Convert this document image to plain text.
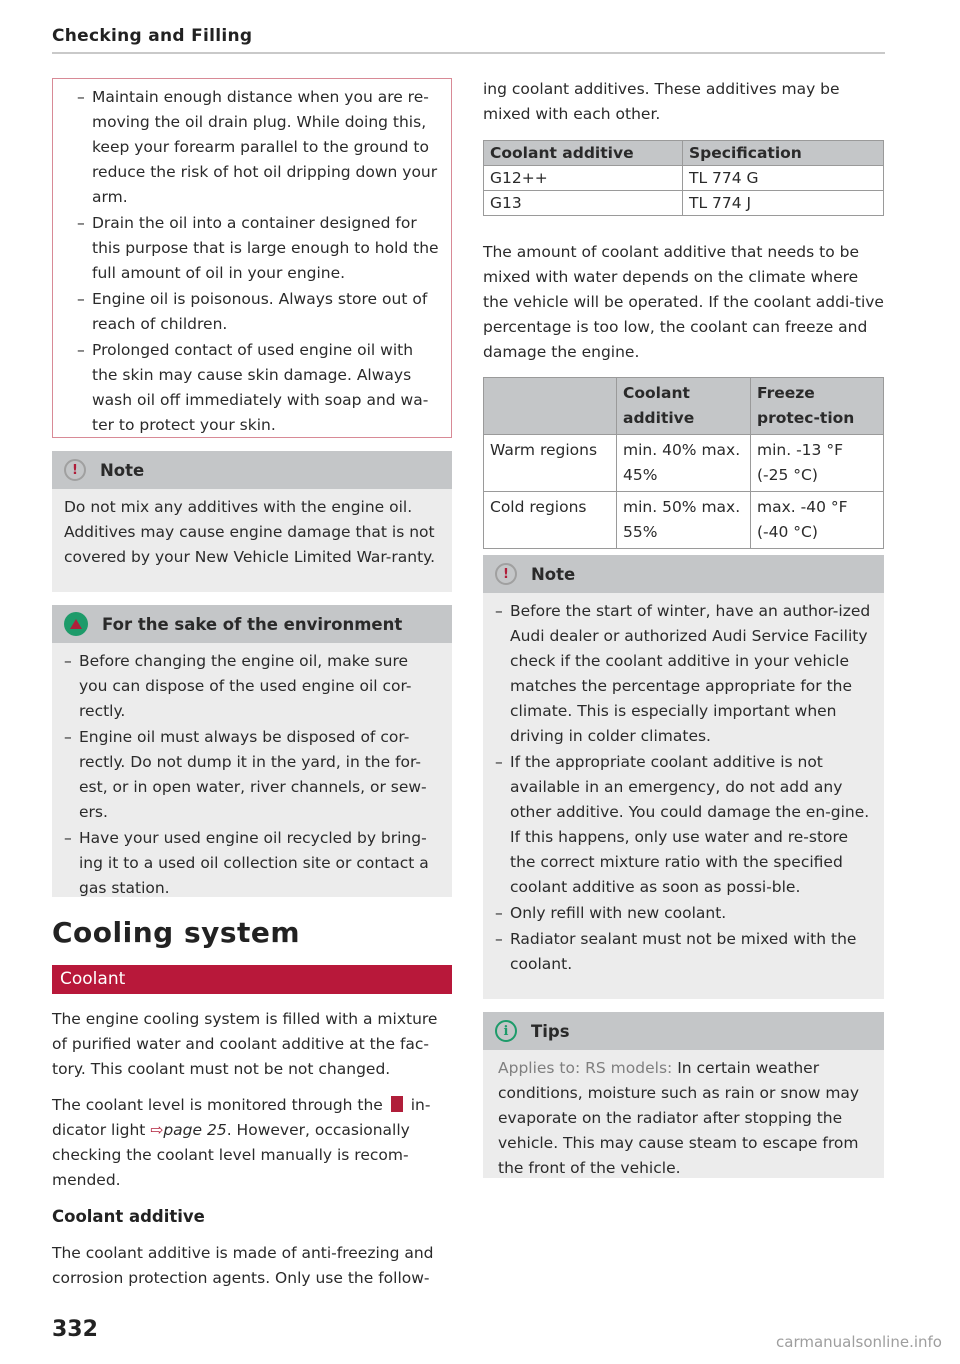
Checking and Filling
– Maintain enough distance when you are re-moving the oil drain plug. While doing this, keep your forearm parallel to the ground to reduce the risk of hot oil dripping down your arm.
– Drain the oil into a container designed for this purpose that is large enough to hold the full amount of oil in your engine.
– Engine oil is poisonous. Always store out of reach of children.
– Prolonged contact of used engine oil with the skin may cause skin damage. Always wash oil off immediately with soap and wa-ter to protect your skin.
!	Note
Do not mix any additives with the engine oil. Additives may cause engine damage that is not covered by your New Vehicle Limited War-ranty.
For the sake of the environment
– Before changing the engine oil, make sure you can dispose of the used engine oil cor-rectly.
– Engine oil must always be disposed of cor-rectly. Do not dump it in the yard, in the for-est, or in open water, river channels, or sew-ers.
– Have your used engine oil recycled by bring-ing it to a used oil collection site or contact a gas station.
Cooling system
Coolant
The engine cooling system is filled with a mixture of purified water and coolant additive at the fac-tory. This coolant must not be not changed.
The coolant level is monitored through the in-dicator light ⇨page 25. However, occasionally checking the coolant level manually is recom-mended.
Coolant additive
The coolant additive is made of anti-freezing and corrosion protection agents. Only use the follow-
332
ing coolant additives. These additives may be mixed with each other.
Coolant additive	Specification
G12++	TL 774 G
G13	TL 774 J
The amount of coolant additive that needs to be mixed with water depends on the climate where the vehicle will be operated. If the coolant addi-tive percentage is too low, the coolant can freeze and damage the engine.
	Coolant additive	Freeze protec-tion
Warm regions	min. 40% max. 45%	min. -13 °F (-25 °C)
Cold regions	min. 50% max. 55%	max. -40 °F (-40 °C)
!	Note
– Before the start of winter, have an author-ized Audi dealer or authorized Audi Service Facility check if the coolant additive in your vehicle matches the percentage appropriate for the climate. This is especially important when driving in colder climates.
– If the appropriate coolant additive is not available in an emergency, do not add any other additive. You could damage the en-gine. If this happens, only use water and re-store the correct mixture ratio with the specified coolant additive as soon as possi-ble.
– Only refill with new coolant.
– Radiator sealant must not be mixed with the coolant.
i	Tips
Applies to: RS models: In certain weather conditions, moisture such as rain or snow may evaporate on the radiator after stopping the vehicle. This may cause steam to escape from the front of the vehicle.
carmanualsonline.info
